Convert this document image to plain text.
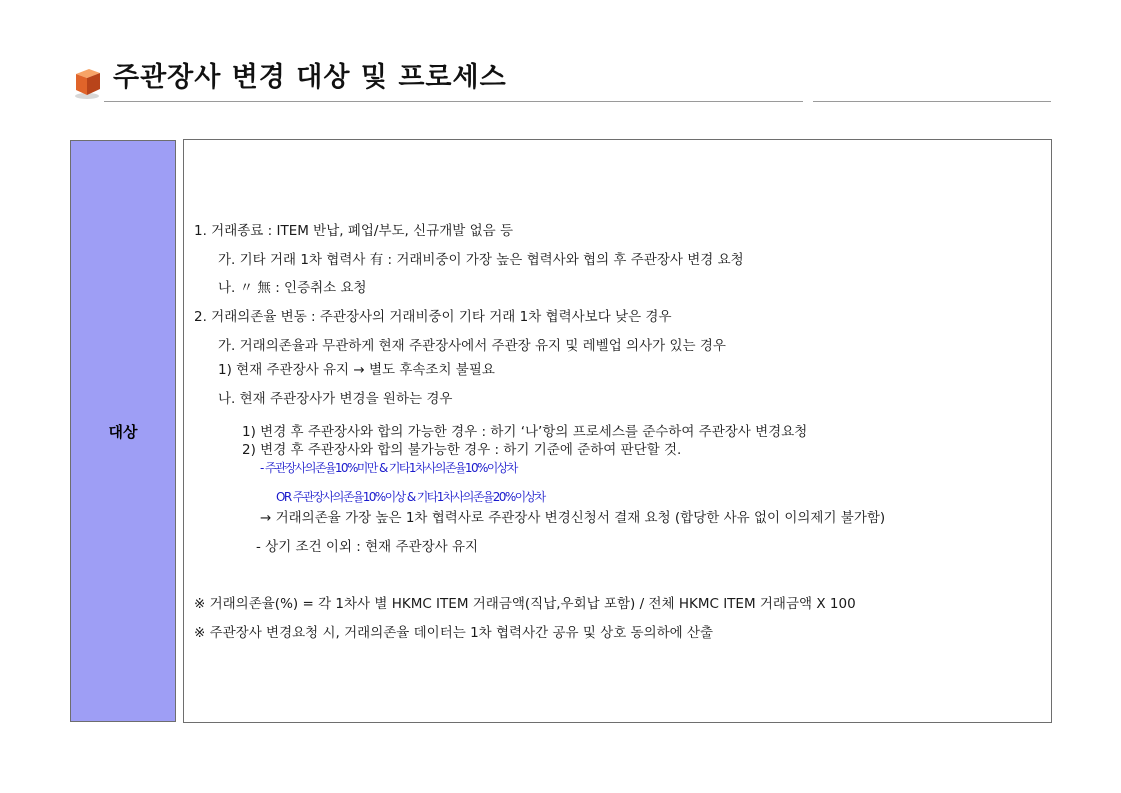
주관장사 변경 대상 및 프로세스
대상
1. 거래종료 : ITEM 반납, 폐업/부도, 신규개발 없음 등
가. 기타 거래 1차 협력사 有 : 거래비중이 가장 높은 협력사와 협의 후 주관장사 변경 요청
나. 〃 無 : 인증취소 요청
2. 거래의존율 변동 : 주관장사의 거래비중이 기타 거래 1차 협력사보다 낮은 경우
가. 거래의존율과 무관하게 현재 주관장사에서 주관장 유지 및 레벨업 의사가 있는 경우
1) 현재 주관장사 유지 → 별도 후속조치 불필요
나. 현재 주관장사가 변경을 원하는 경우
1) 변경 후 주관장사와 합의 가능한 경우 : 하기 ‘나’항의 프로세스를 준수하여 주관장사 변경요청
2) 변경 후 주관장사와 합의 불가능한 경우 : 하기 기준에 준하여 판단할 것.
- 주관장사의존율10%미만 & 기타1차사의존율10%이상차
OR 주관장사의존율10%이상 & 기타1차사의존율20%이상차
→ 거래의존율 가장 높은 1차 협력사로 주관장사 변경신청서 결재 요청 (합당한 사유 없이 이의제기 불가함)
- 상기 조건 이외 : 현재 주관장사 유지
※ 거래의존율(%) = 각 1차사 별 HKMC ITEM 거래금액(직납,우회납 포함) / 전체 HKMC ITEM 거래금액 X 100
※ 주관장사 변경요청 시, 거래의존율 데이터는 1차 협력사간 공유 및 상호 동의하에 산출
